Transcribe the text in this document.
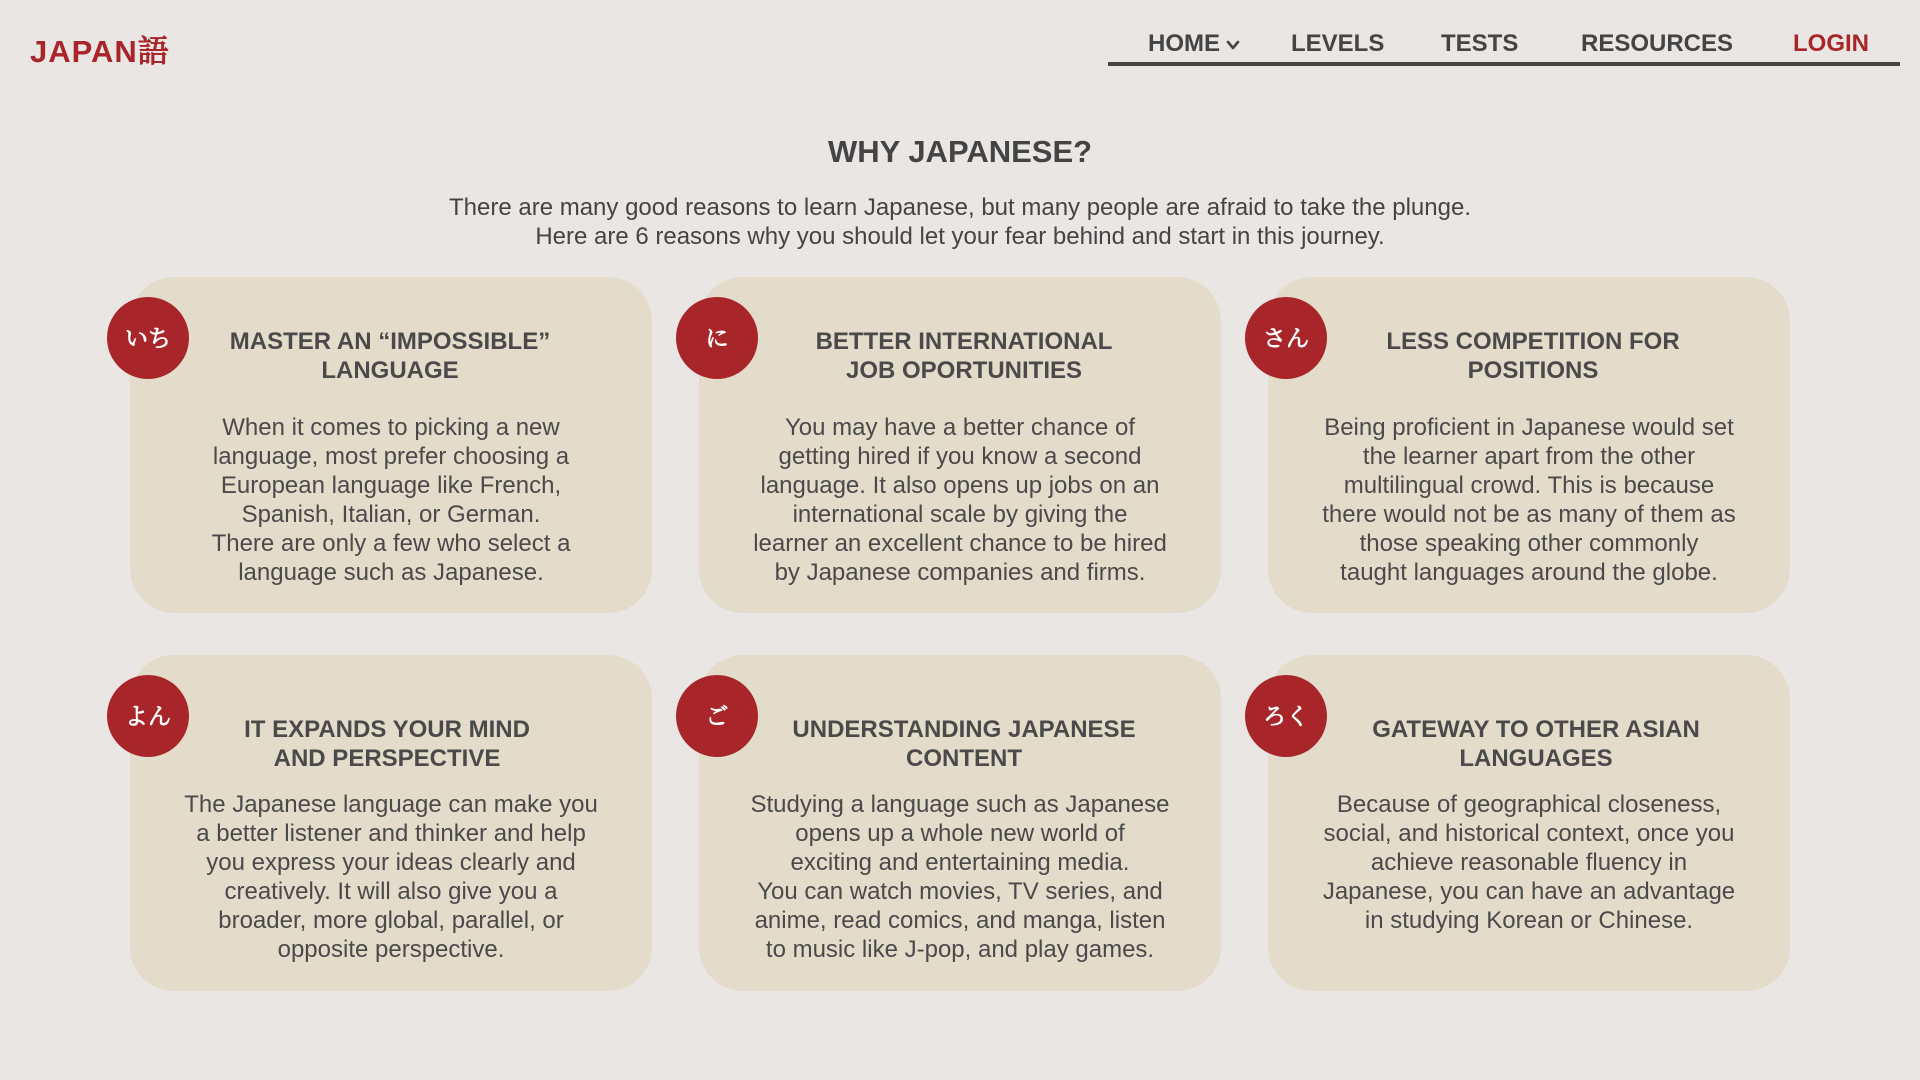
JAPAN語	HOME	LEVELS TESTS	RESOURCES LOGIN
WHY JAPANESE?
There are many good reasons to learn Japanese, but many people are afraid to take the plunge.
Here are 6 reasons why you should let your fear behind and start in this journey.
いち	MASTER AN “IMPOSSIBLE”
LANGUAGE
When it comes to picking a new
language, most prefer choosing a
European language like French,
Spanish, Italian, or German.
There are only a few who select a
language such as Japanese.
に	BETTER INTERNATIONAL
JOB OPORTUNITIES
You may have a better chance of
getting hired if you know a second
language. It also opens up jobs on an
international scale by giving the
learner an excellent chance to be hired
by Japanese companies and firms.
さん	LESS COMPETITION FOR
POSITIONS
Being proficient in Japanese would set
the learner apart from the other
multilingual crowd. This is because
there would not be as many of them as
those speaking other commonly
taught languages around the globe.
よん	IT EXPANDS YOUR MIND
AND PERSPECTIVE
The Japanese language can make you
a better listener and thinker and help
you express your ideas clearly and
creatively. It will also give you a
broader, more global, parallel, or
opposite perspective.
ご	UNDERSTANDING JAPANESE
CONTENT
Studying a language such as Japanese
opens up a whole new world of
exciting and entertaining media.
You can watch movies, TV series, and
anime, read comics, and manga, listen
to music like J-pop, and play games.
ろく	GATEWAY TO OTHER ASIAN
LANGUAGES
Because of geographical closeness,
social, and historical context, once you
achieve reasonable fluency in
Japanese, you can have an advantage
in studying Korean or Chinese.
